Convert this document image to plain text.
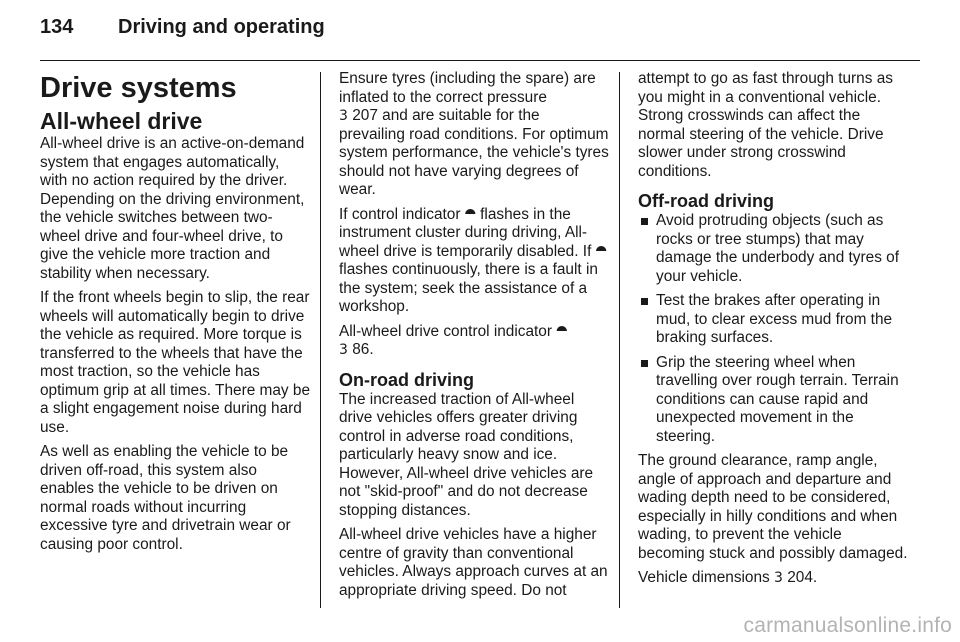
134 Driving and operating
Drive systems
All-wheel drive

All-wheel drive is an active-on-demand system that engages automatically, with no action required by the driver. Depending on the driving environment, the vehicle switches between two-wheel drive and four-wheel drive, to give the vehicle more traction and stability when necessary.

If the front wheels begin to slip, the rear wheels will automatically begin to drive the vehicle as required. More torque is transferred to the wheels that have the most traction, so the vehicle has optimum grip at all times. There may be a slight engagement noise during hard use.

As well as enabling the vehicle to be driven off-road, this system also enables the vehicle to be driven on normal roads without incurring excessive tyre and drivetrain wear or causing poor control.

Ensure tyres (including the spare) are inflated to the correct pressure
3 207 and are suitable for the prevailing road conditions. For optimum system performance, the vehicle's tyres should not have varying degrees of wear.

If control indicator ⯊ flashes in the instrument cluster during driving, All-wheel drive is temporarily disabled. If ⯊ flashes continuously, there is a fault in the system; seek the assistance of a workshop.

All-wheel drive control indicator ⯊
3 86.

On-road driving

The increased traction of All-wheel drive vehicles offers greater driving control in adverse road conditions, particularly heavy snow and ice. However, All-wheel drive vehicles are not "skid-proof" and do not decrease stopping distances.

All-wheel drive vehicles have a higher centre of gravity than conventional vehicles. Always approach curves at an appropriate driving speed. Do not

attempt to go as fast through turns as you might in a conventional vehicle. Strong crosswinds can affect the normal steering of the vehicle. Drive slower under strong crosswind conditions.

Off-road driving
Avoid protruding objects (such as rocks or tree stumps) that may damage the underbody and tyres of your vehicle.
Test the brakes after operating in mud, to clear excess mud from the braking surfaces.
Grip the steering wheel when travelling over rough terrain. Terrain conditions can cause rapid and unexpected movement in the steering.

The ground clearance, ramp angle, angle of approach and departure and wading depth need to be considered, especially in hilly conditions and when wading, to prevent the vehicle becoming stuck and possibly damaged.

Vehicle dimensions 3 204.

carmanualsonline.info
